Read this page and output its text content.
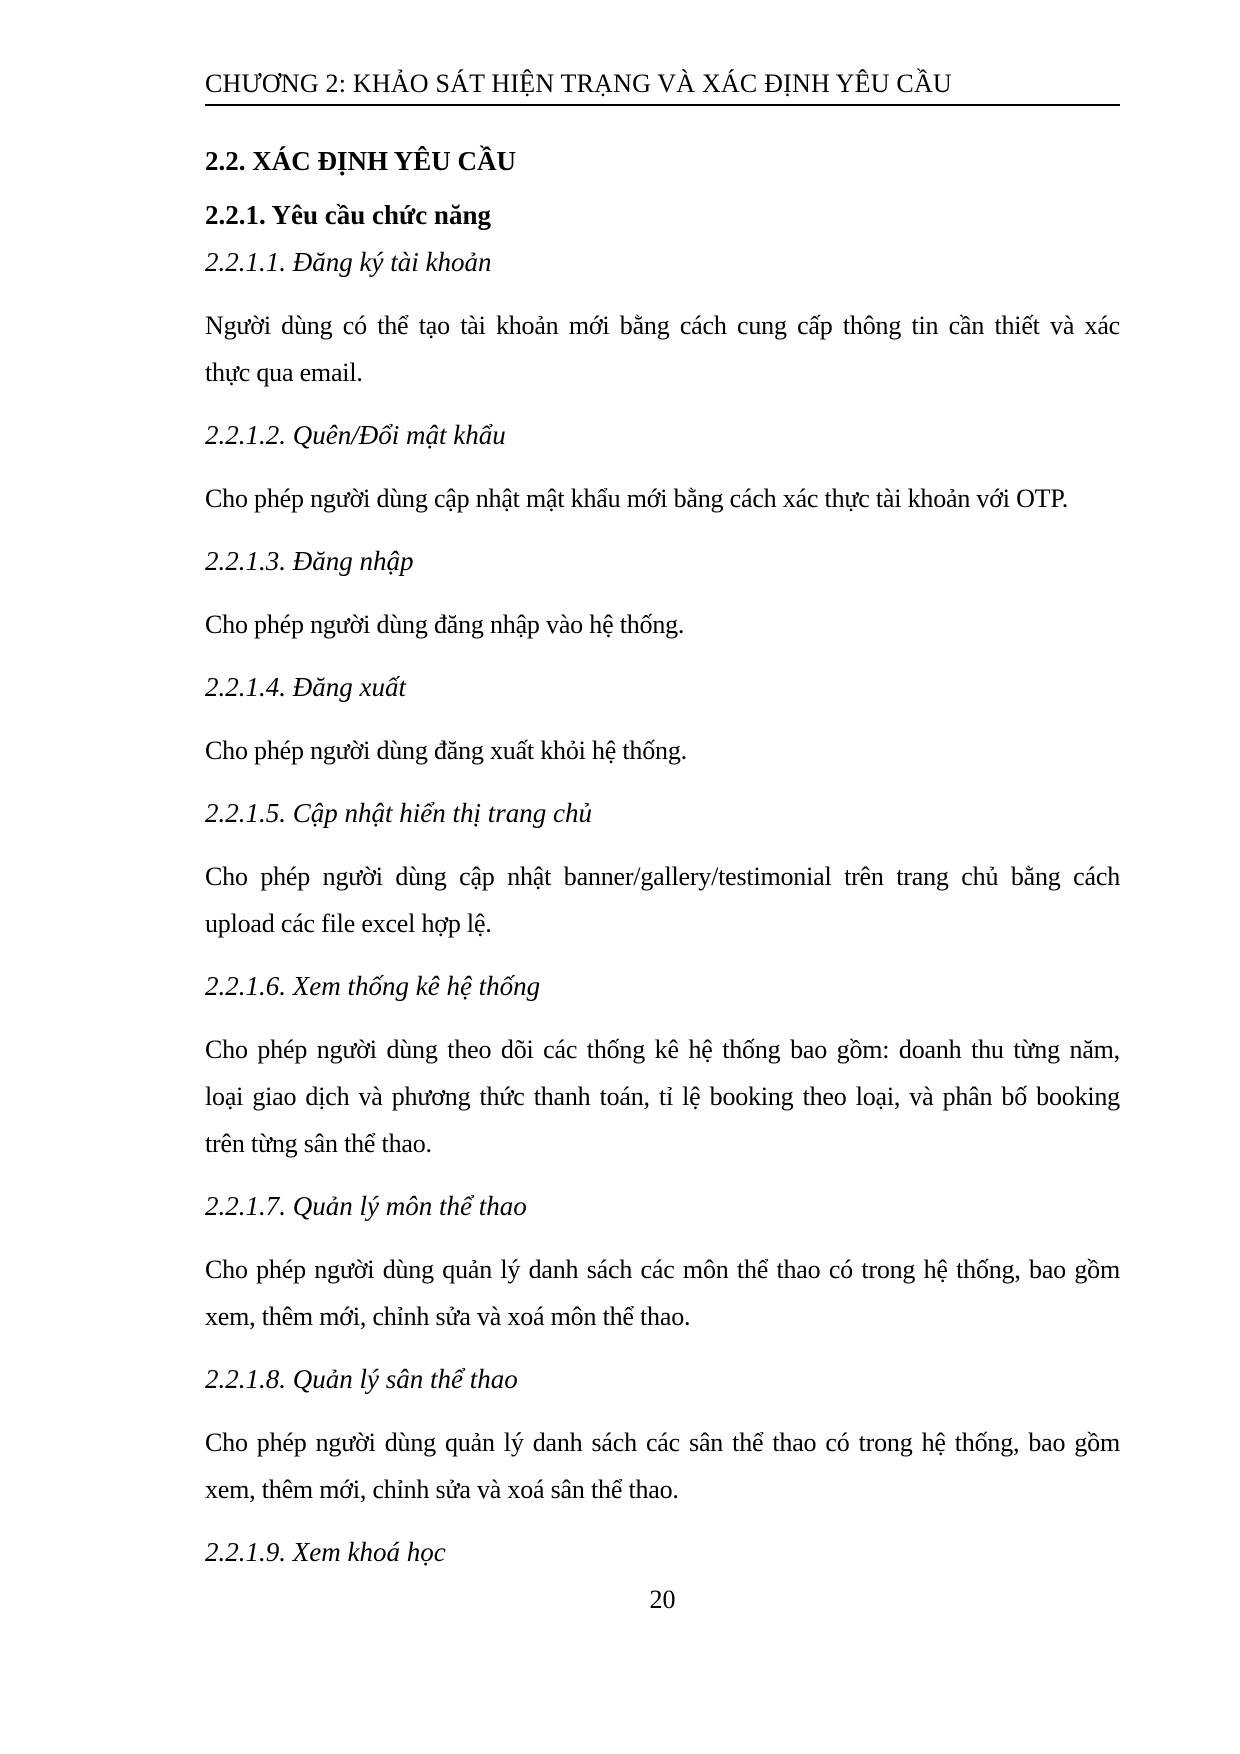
CHƯƠNG 2: KHẢO SÁT HIỆN TRẠNG VÀ XÁC ĐỊNH YÊU CẦU
2.2. XÁC ĐỊNH YÊU CẦU
2.2.1. Yêu cầu chức năng
2.2.1.1. Đăng ký tài khoản
Người dùng có thể tạo tài khoản mới bằng cách cung cấp thông tin cần thiết và xác
thực qua email.
2.2.1.2. Quên/Đổi mật khẩu
Cho phép người dùng cập nhật mật khẩu mới bằng cách xác thực tài khoản với OTP.
2.2.1.3. Đăng nhập
Cho phép người dùng đăng nhập vào hệ thống.
2.2.1.4. Đăng xuất
Cho phép người dùng đăng xuất khỏi hệ thống.
2.2.1.5. Cập nhật hiển thị trang chủ
Cho phép người dùng cập nhật banner/gallery/testimonial trên trang chủ bằng cách
upload các file excel hợp lệ.
2.2.1.6. Xem thống kê hệ thống
Cho phép người dùng theo dõi các thống kê hệ thống bao gồm: doanh thu từng năm,
loại giao dịch và phương thức thanh toán, tỉ lệ booking theo loại, và phân bố booking
trên từng sân thể thao.
2.2.1.7. Quản lý môn thể thao
Cho phép người dùng quản lý danh sách các môn thể thao có trong hệ thống, bao gồm
xem, thêm mới, chỉnh sửa và xoá môn thể thao.
2.2.1.8. Quản lý sân thể thao
Cho phép người dùng quản lý danh sách các sân thể thao có trong hệ thống, bao gồm
xem, thêm mới, chỉnh sửa và xoá sân thể thao.
2.2.1.9. Xem khoá học
20
